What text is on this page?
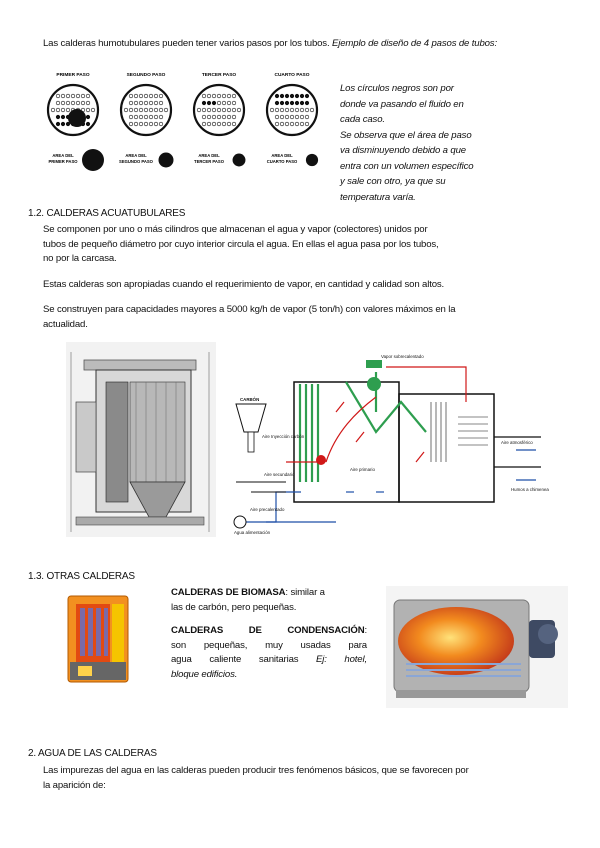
Las calderas humotubulares pueden tener varios pasos por los tubos. Ejemplo de diseño de 4 pasos de tubos:
PRIMER PASO
AREA DEL
PRIMER PASO
SEGUNDO PASO
AREA DEL
SEGUNDO PASO
TERCER PASO
AREA DEL
TERCER PASO
CUARTO PASO
AREA DEL
CUARTO PASO
Los círculos negros son por
donde va pasando el fluido en
cada caso.
Se observa que el área de paso
va disminuyendo debido a que
entra con un volumen específico
y sale con otro, ya que su
temperatura varía.
1.2. CALDERAS ACUATUBULARES
Se componen por uno o más cilindros que almacenan el agua y vapor (colectores) unidos por
tubos de pequeño diámetro por cuyo interior circula el agua. En ellas el agua pasa por los tubos,
no por la carcasa.
Estas calderas son apropiadas cuando el requerimiento de vapor, en cantidad y calidad son altos.
Se construyen para capacidades mayores a 5000 kg/h de vapor (5 ton/h) con valores máximos en la
actualidad.
Vapor sobrecalentado
CARBÓN
Aire Inyección carbón
Aire secundario
Aire primario
Aire precalentado
Aire atmosférico
Agua alimentación
Humos a chimenea
1.3. OTRAS CALDERAS
CALDERAS DE BIOMASA: similar a
las de carbón, pero pequeñas.
CALDERAS DE CONDENSACIÓN:
son pequeñas, muy usadas para
agua caliente sanitarias Ej: hotel,
bloque edificios.
2. AGUA DE LAS CALDERAS
Las impurezas del agua en las calderas pueden producir tres fenómenos básicos, que se favorecen por
la aparición de:
